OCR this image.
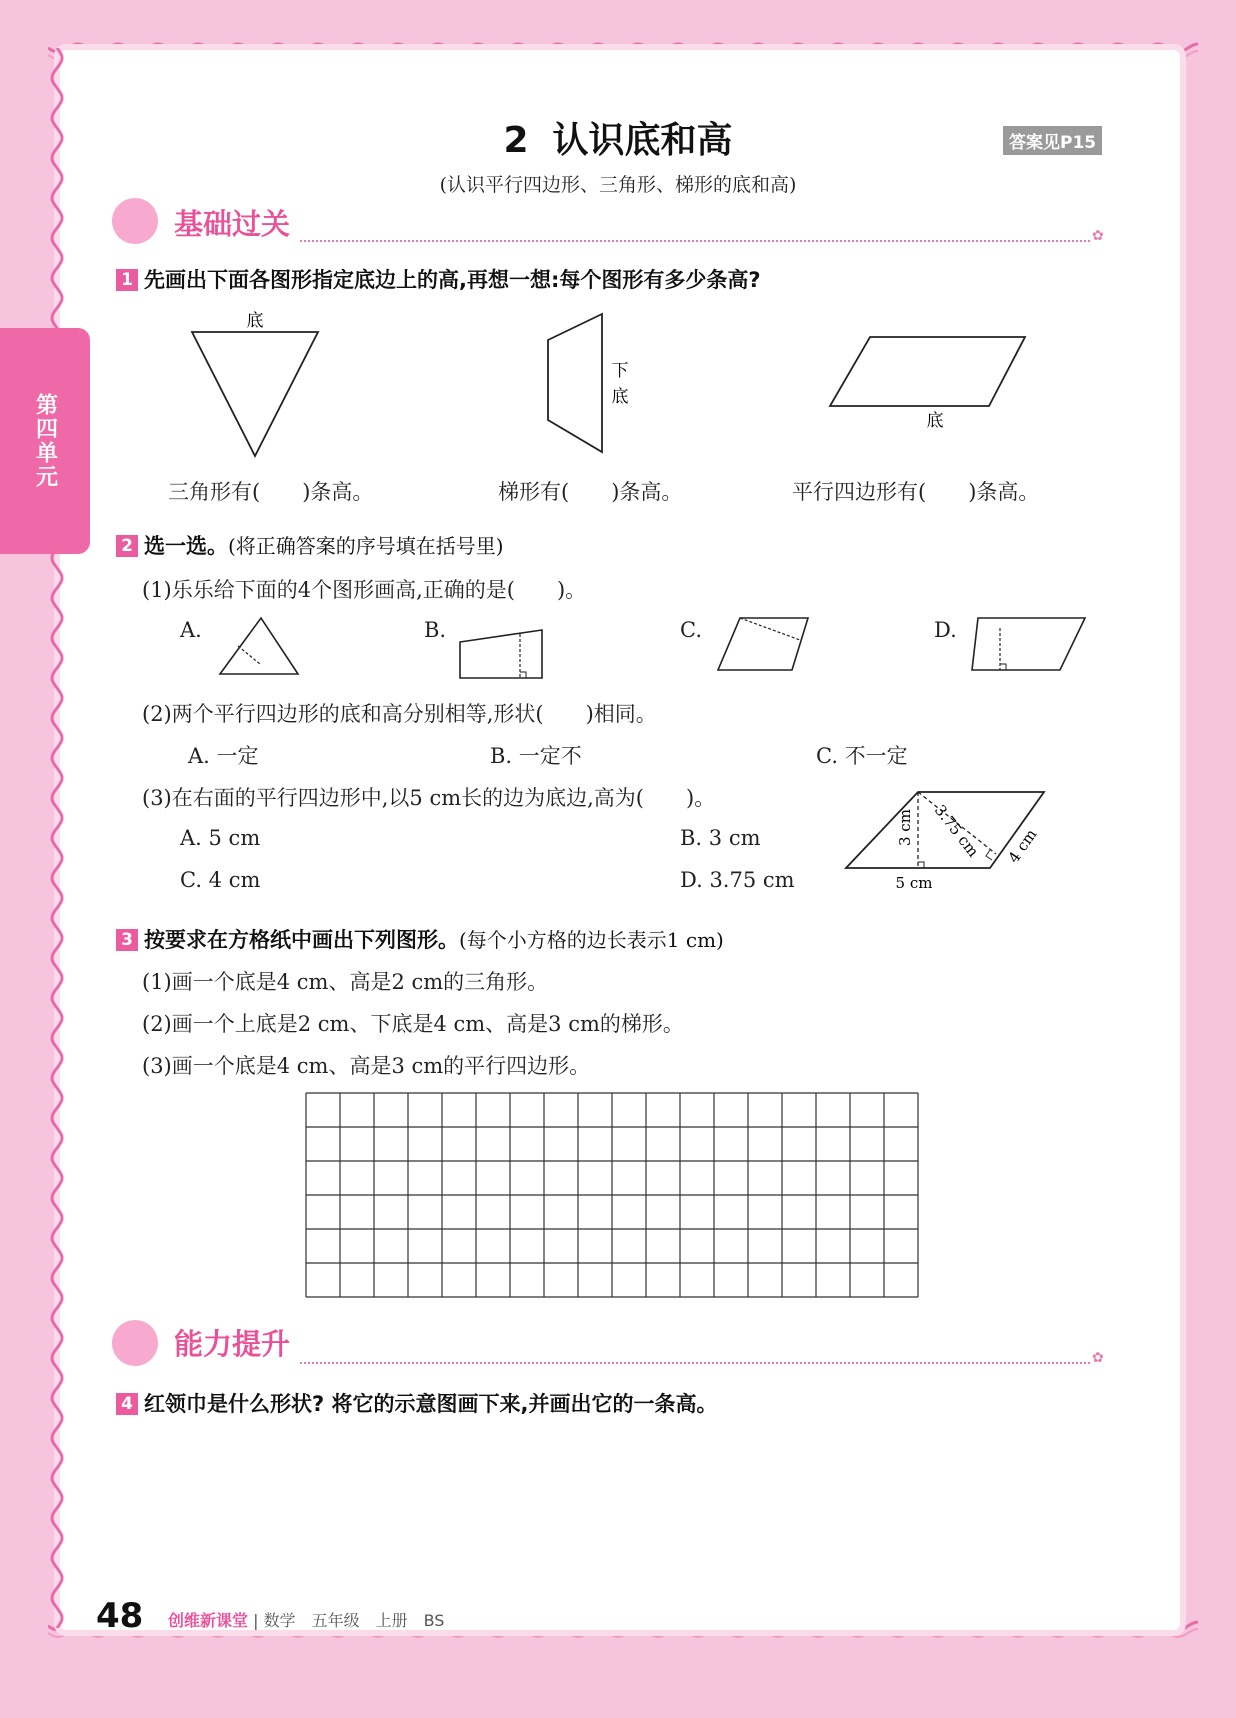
第四单元
2 认识底和高	答案见P15
(认识平行四边形、三角形、梯形的底和高)
基础过关	✿
1 先画出下面各图形指定底边上的高,再想一想:每个图形有多少条高?
底
下
底
底
三角形有(　　)条高。	梯形有(　　)条高。	平行四边形有(　　)条高。
2 选一选。(将正确答案的序号填在括号里)
(1)乐乐给下面的4个图形画高,正确的是(　　)。
A.	B.	C.	D.
(2)两个平行四边形的底和高分别相等,形状(　　)相同。
A. 一定	B. 一定不	C. 不一定
(3)在右面的平行四边形中,以5 cm长的边为底边,高为(　　)。
A. 5 cm	B. 3 cm
C. 4 cm	D. 3.75 cm
3 cm 3.75 cm 4 cm
5 cm
3 按要求在方格纸中画出下列图形。(每个小方格的边长表示1 cm)
(1)画一个底是4 cm、高是2 cm的三角形。
(2)画一个上底是2 cm、下底是4 cm、高是3 cm的梯形。
(3)画一个底是4 cm、高是3 cm的平行四边形。
能力提升	✿
4 红领巾是什么形状? 将它的示意图画下来,并画出它的一条高。
48 创维新课堂 | 数学　五年级　上册　BS
